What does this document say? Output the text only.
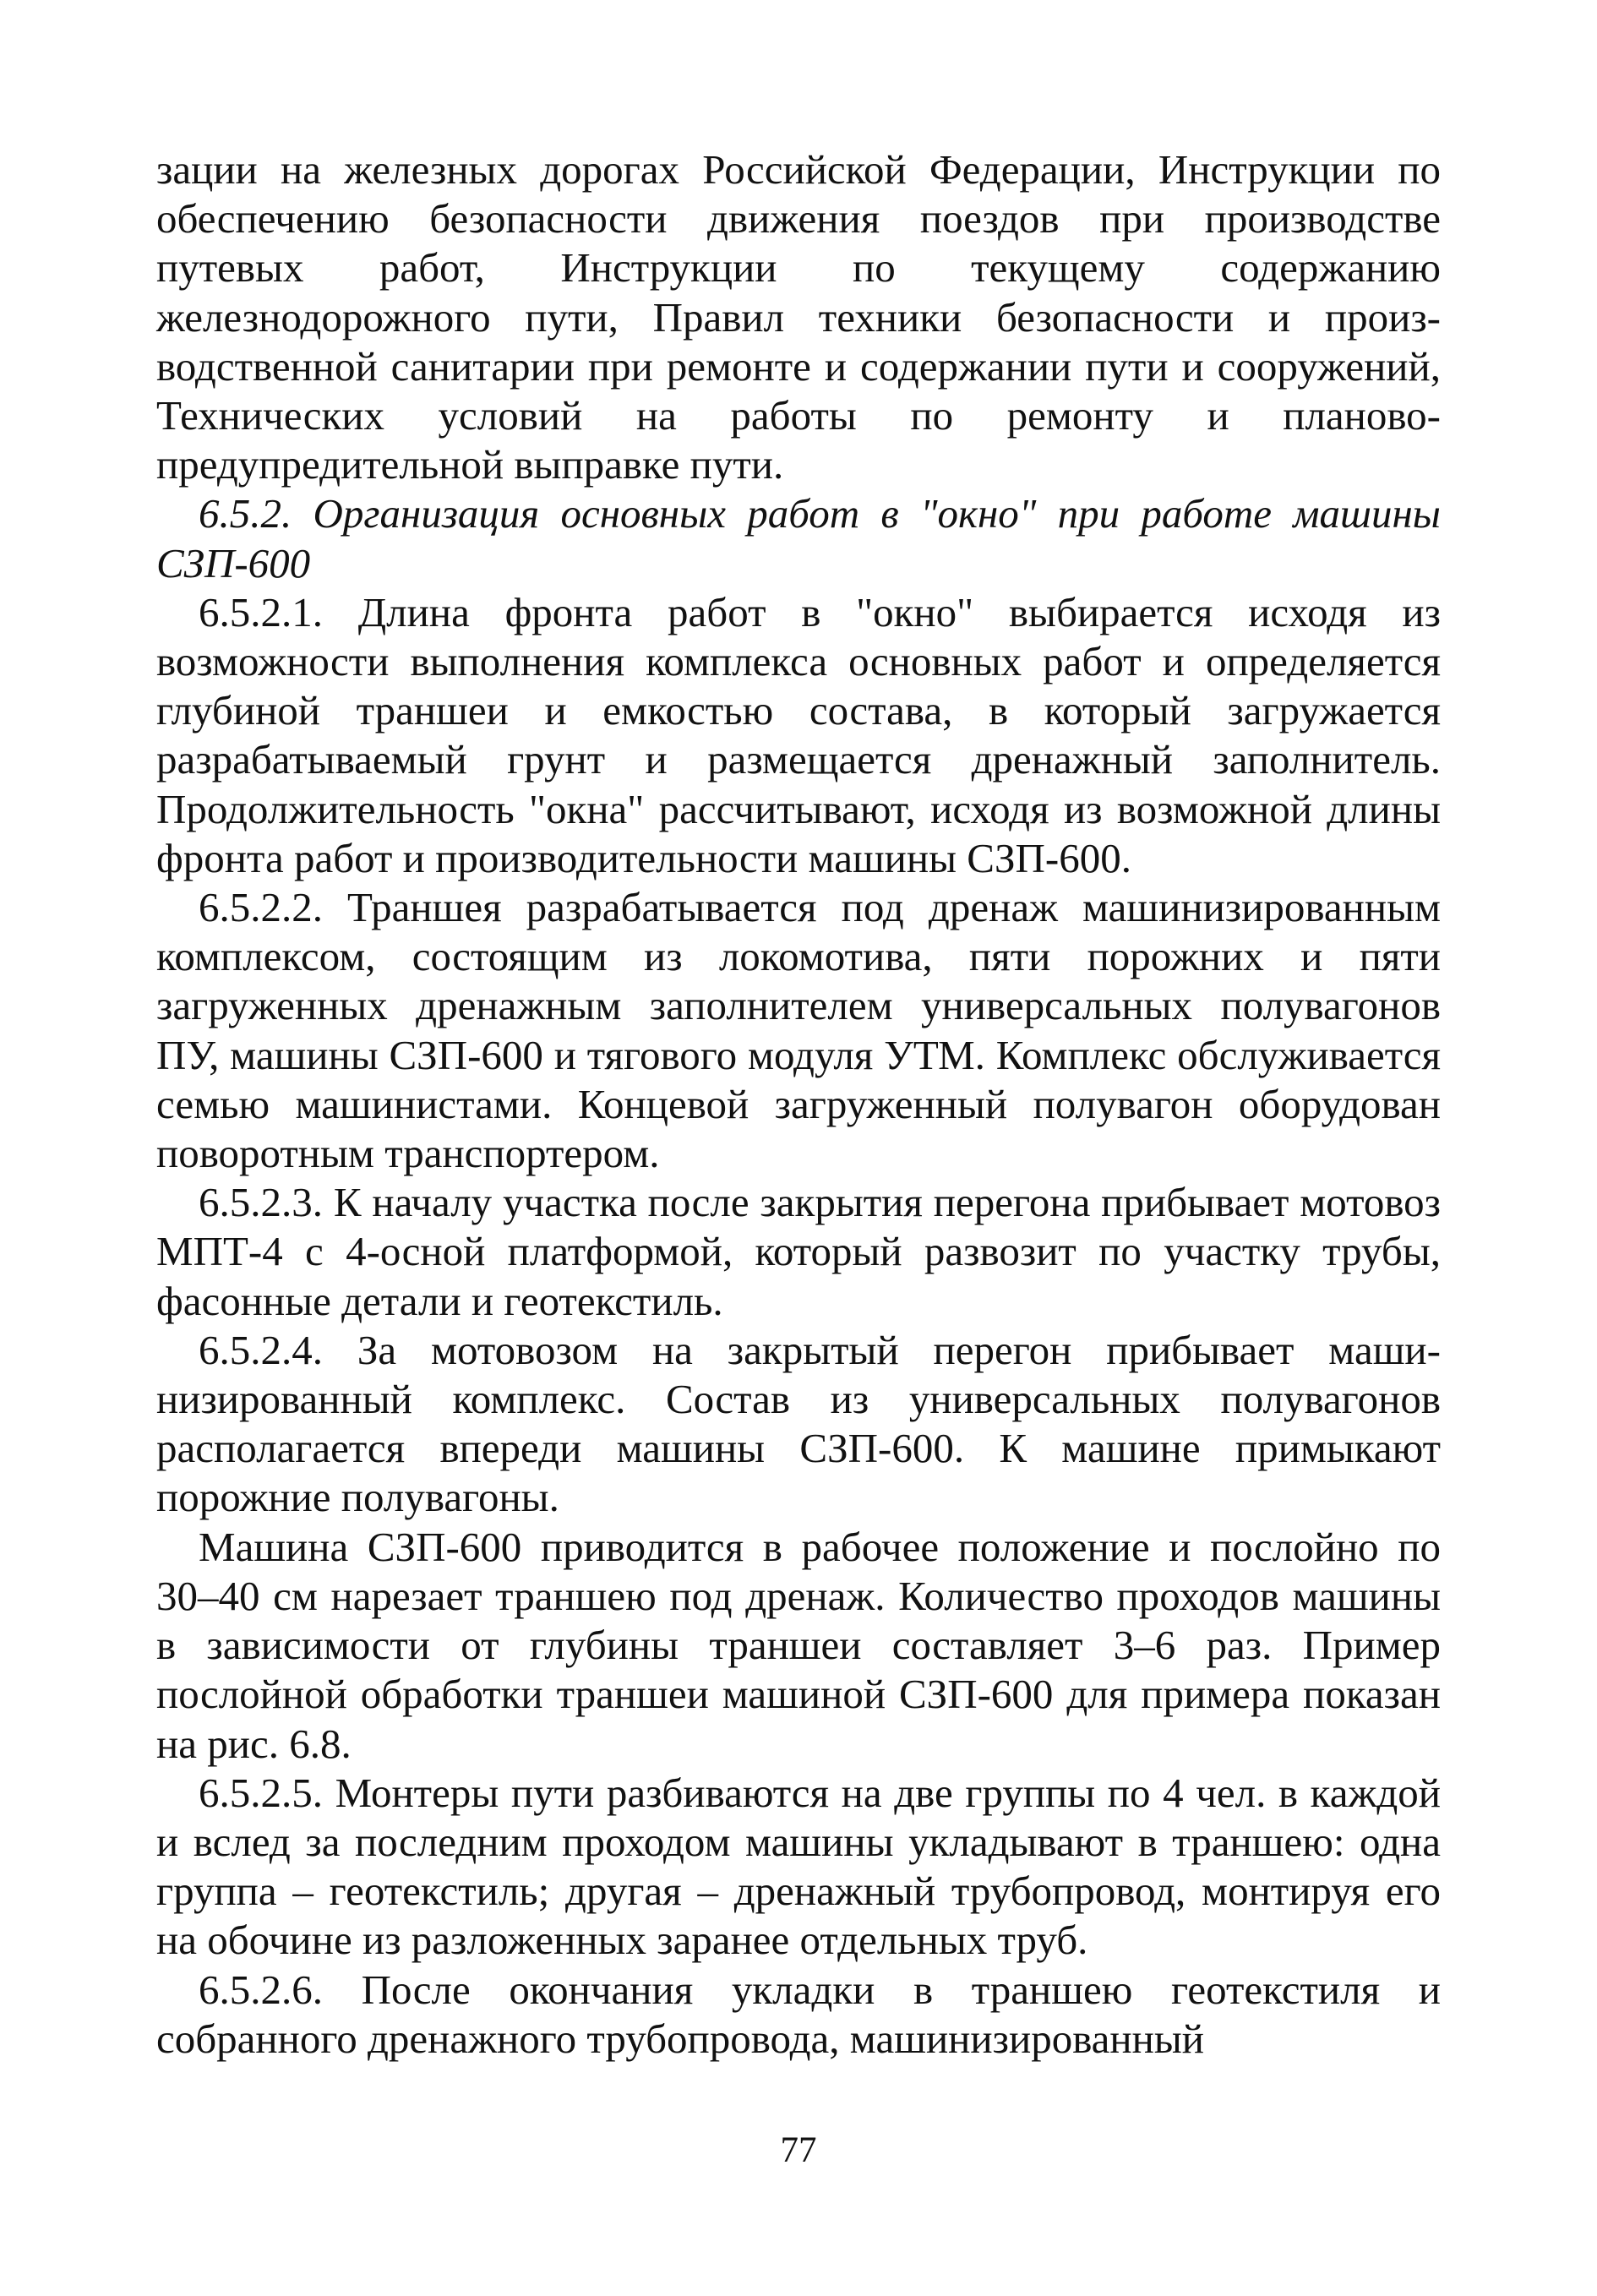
зации на железных дорогах Российской Федерации, Инструкции по обеспечению безопасности движения поездов при производстве путевых работ, Инструкции по текущему содержанию железнодорожного пути, Правил техники безопасности и производственной санитарии при ремонте и содержании пути и сооружений, Технических условий на работы по ремонту и планово-предупредительной выправке пути.

6.5.2. Организация основных работ в "окно" при работе машины СЗП-600

6.5.2.1. Длина фронта работ в "окно" выбирается исходя из возможности выполнения комплекса основных работ и определяется глубиной траншеи и емкостью состава, в который загружается разрабатываемый грунт и размещается дренажный заполнитель. Продолжительность "окна" рассчитывают, исходя из возможной длины фронта работ и производительности машины СЗП-600.

6.5.2.2. Траншея разрабатывается под дренаж машинизированным комплексом, состоящим из локомотива, пяти порожних и пяти загруженных дренажным заполнителем универсальных полувагонов ПУ, машины СЗП-600 и тягового модуля УТМ. Комплекс обслуживается семью машинистами. Концевой загруженный полувагон оборудован поворотным транспортером.

6.5.2.3. К началу участка после закрытия перегона прибывает мотовоз МПТ-4 с 4-осной платформой, который развозит по участку трубы, фасонные детали и геотекстиль.

6.5.2.4. За мотовозом на закрытый перегон прибывает машинизированный комплекс. Состав из универсальных полувагонов располагается впереди машины СЗП-600. К машине примыкают порожние полувагоны.

Машина СЗП-600 приводится в рабочее положение и послойно по 30–40 см нарезает траншею под дренаж. Количество проходов машины в зависимости от глубины траншеи составляет 3–6 раз. Пример послойной обработки траншеи машиной СЗП-600 для примера показан на рис. 6.8.

6.5.2.5. Монтеры пути разбиваются на две группы по 4 чел. в каждой и вслед за последним проходом машины укладывают в траншею: одна группа – геотекстиль; другая – дренажный трубопровод, монтируя его на обочине из разложенных заранее отдельных труб.

6.5.2.6. После окончания укладки в траншею геотекстиля и собранного дренажного трубопровода, машинизированный

77
